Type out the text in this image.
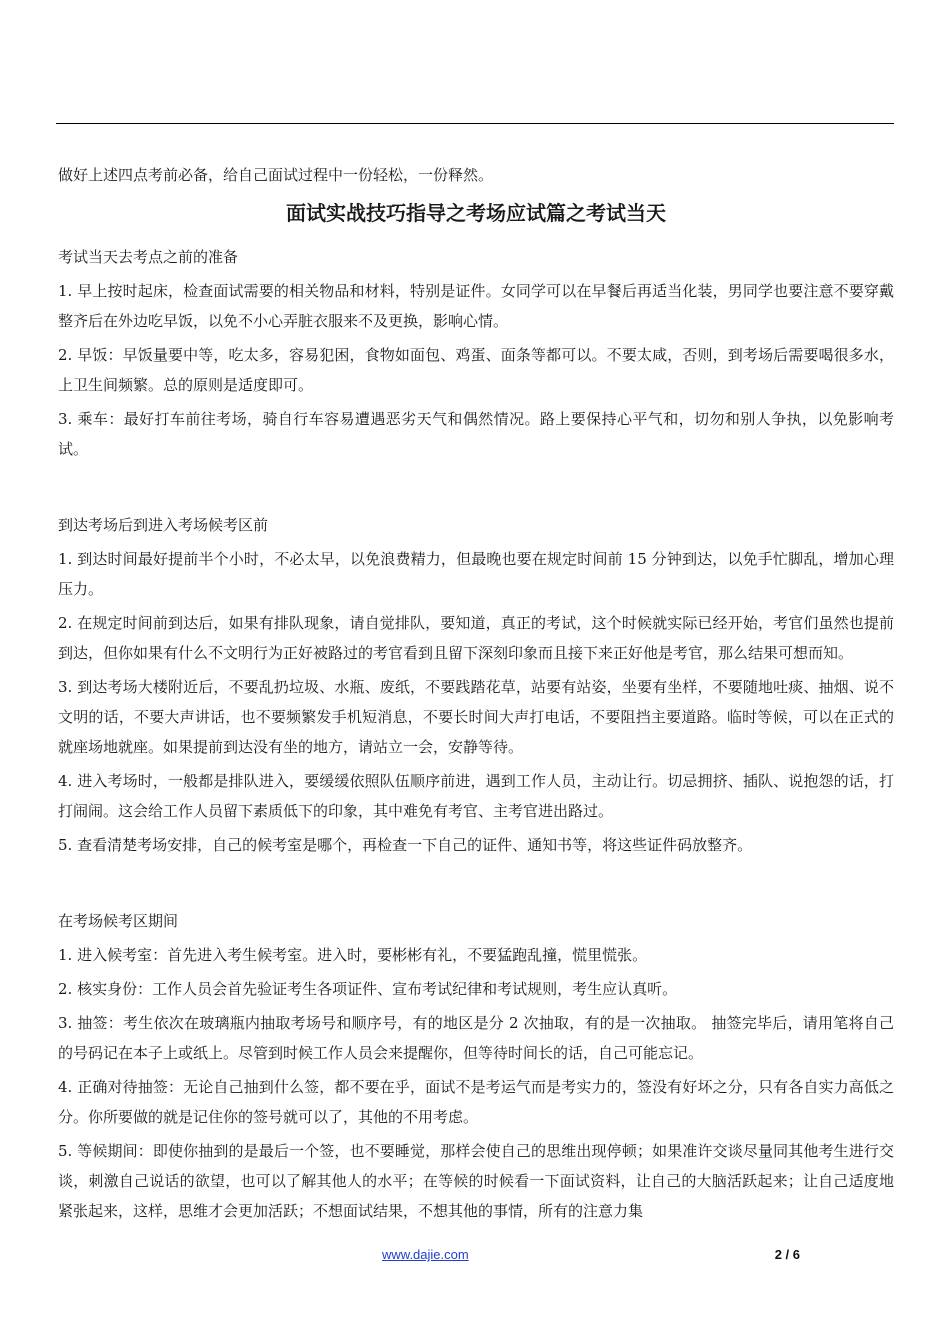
做好上述四点考前必备，给自己面试过程中一份轻松，一份释然。

面试实战技巧指导之考场应试篇之考试当天

考试当天去考点之前的准备

1. 早上按时起床，检查面试需要的相关物品和材料，特别是证件。女同学可以在早餐后再适当化装，男同学也要注意不要穿戴整齐后在外边吃早饭，以免不小心弄脏衣服来不及更换，影响心情。

2. 早饭：早饭量要中等，吃太多，容易犯困，食物如面包、鸡蛋、面条等都可以。不要太咸，否则，到考场后需要喝很多水，上卫生间频繁。总的原则是适度即可。

3. 乘车：最好打车前往考场，骑自行车容易遭遇恶劣天气和偶然情况。路上要保持心平气和，切勿和别人争执，以免影响考试。

到达考场后到进入考场候考区前

1. 到达时间最好提前半个小时，不必太早，以免浪费精力，但最晚也要在规定时间前 15 分钟到达，以免手忙脚乱，增加心理压力。

2. 在规定时间前到达后，如果有排队现象，请自觉排队，要知道，真正的考试，这个时候就实际已经开始，考官们虽然也提前到达，但你如果有什么不文明行为正好被路过的考官看到且留下深刻印象而且接下来正好他是考官，那么结果可想而知。

3. 到达考场大楼附近后，不要乱扔垃圾、水瓶、废纸，不要践踏花草，站要有站姿，坐要有坐样，不要随地吐痰、抽烟、说不文明的话，不要大声讲话，也不要频繁发手机短消息，不要长时间大声打电话，不要阻挡主要道路。临时等候，可以在正式的就座场地就座。如果提前到达没有坐的地方，请站立一会，安静等待。

4. 进入考场时，一般都是排队进入，要缓缓依照队伍顺序前进，遇到工作人员，主动让行。切忌拥挤、插队、说抱怨的话，打打闹闹。这会给工作人员留下素质低下的印象，其中难免有考官、主考官进出路过。

5. 查看清楚考场安排，自己的候考室是哪个，再检查一下自己的证件、通知书等，将这些证件码放整齐。

在考场候考区期间

1. 进入候考室：首先进入考生候考室。进入时，要彬彬有礼，不要猛跑乱撞，慌里慌张。

2. 核实身份：工作人员会首先验证考生各项证件、宣布考试纪律和考试规则，考生应认真听。

3. 抽签：考生依次在玻璃瓶内抽取考场号和顺序号，有的地区是分 2 次抽取，有的是一次抽取。 抽签完毕后，请用笔将自己的号码记在本子上或纸上。尽管到时候工作人员会来提醒你，但等待时间长的话，自己可能忘记。

4. 正确对待抽签：无论自己抽到什么签，都不要在乎，面试不是考运气而是考实力的，签没有好坏之分，只有各自实力高低之分。你所要做的就是记住你的签号就可以了，其他的不用考虑。

5. 等候期间：即使你抽到的是最后一个签，也不要睡觉，那样会使自己的思维出现停顿；如果准许交谈尽量同其他考生进行交谈，刺激自己说话的欲望，也可以了解其他人的水平；在等候的时候看一下面试资料，让自己的大脑活跃起来；让自己适度地紧张起来，这样，思维才会更加活跃；不想面试结果，不想其他的事情，所有的注意力集

www.dajie.com	2 / 6
